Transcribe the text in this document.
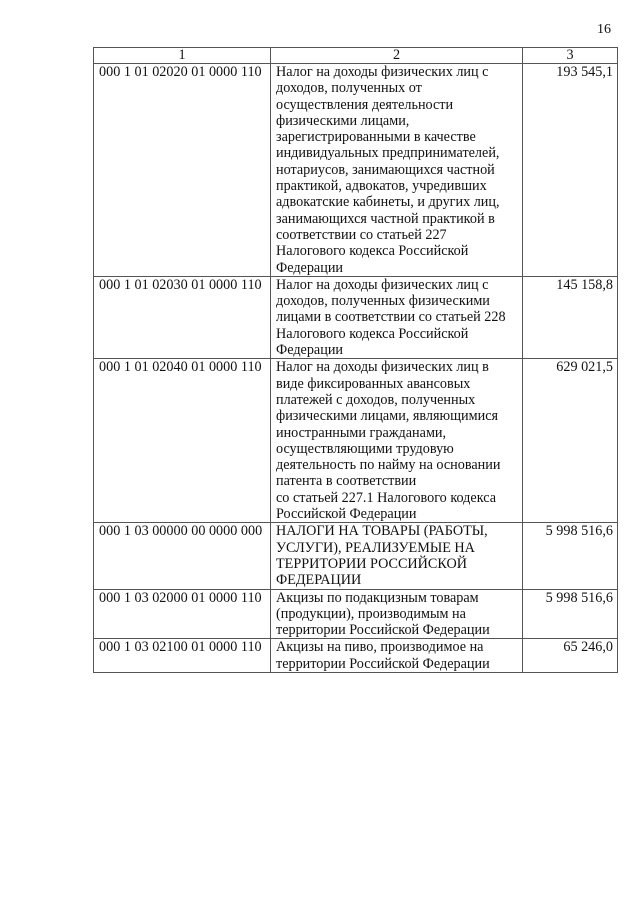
16
1	2	3
000 1 01 02020 01 0000 110	Налог на доходы физических лиц с
доходов, полученных от
осуществления деятельности
физическими лицами,
зарегистрированными в качестве
индивидуальных предпринимателей,
нотариусов, занимающихся частной
практикой, адвокатов, учредивших
адвокатские кабинеты, и других лиц,
занимающихся частной практикой в
соответствии со статьей 227
Налогового кодекса Российской
Федерации
	193 545,1
000 1 01 02030 01 0000 110	Налог на доходы физических лиц с
доходов, полученных физическими
лицами в соответствии со статьей 228
Налогового кодекса Российской
Федерации	145 158,8
000 1 01 02040 01 0000 110	Налог на доходы физических лиц в
виде фиксированных авансовых
платежей с доходов, полученных
физическими лицами, являющимися
иностранными гражданами,
осуществляющими трудовую
деятельность по найму на основании
патента в соответствии
со статьей 227.1 Налогового кодекса
Российской Федерации
	629 021,5
000 1 03 00000 00 0000 000	НАЛОГИ НА ТОВАРЫ (РАБОТЫ,
УСЛУГИ), РЕАЛИЗУЕМЫЕ НА
ТЕРРИТОРИИ РОССИЙСКОЙ
ФЕДЕРАЦИИ	5 998 516,6
000 1 03 02000 01 0000 110	Акцизы по подакцизным товарам
(продукции), производимым на
территории Российской Федерации	5 998 516,6
000 1 03 02100 01 0000 110	Акцизы на пиво, производимое на
территории Российской Федерации	65 246,0
